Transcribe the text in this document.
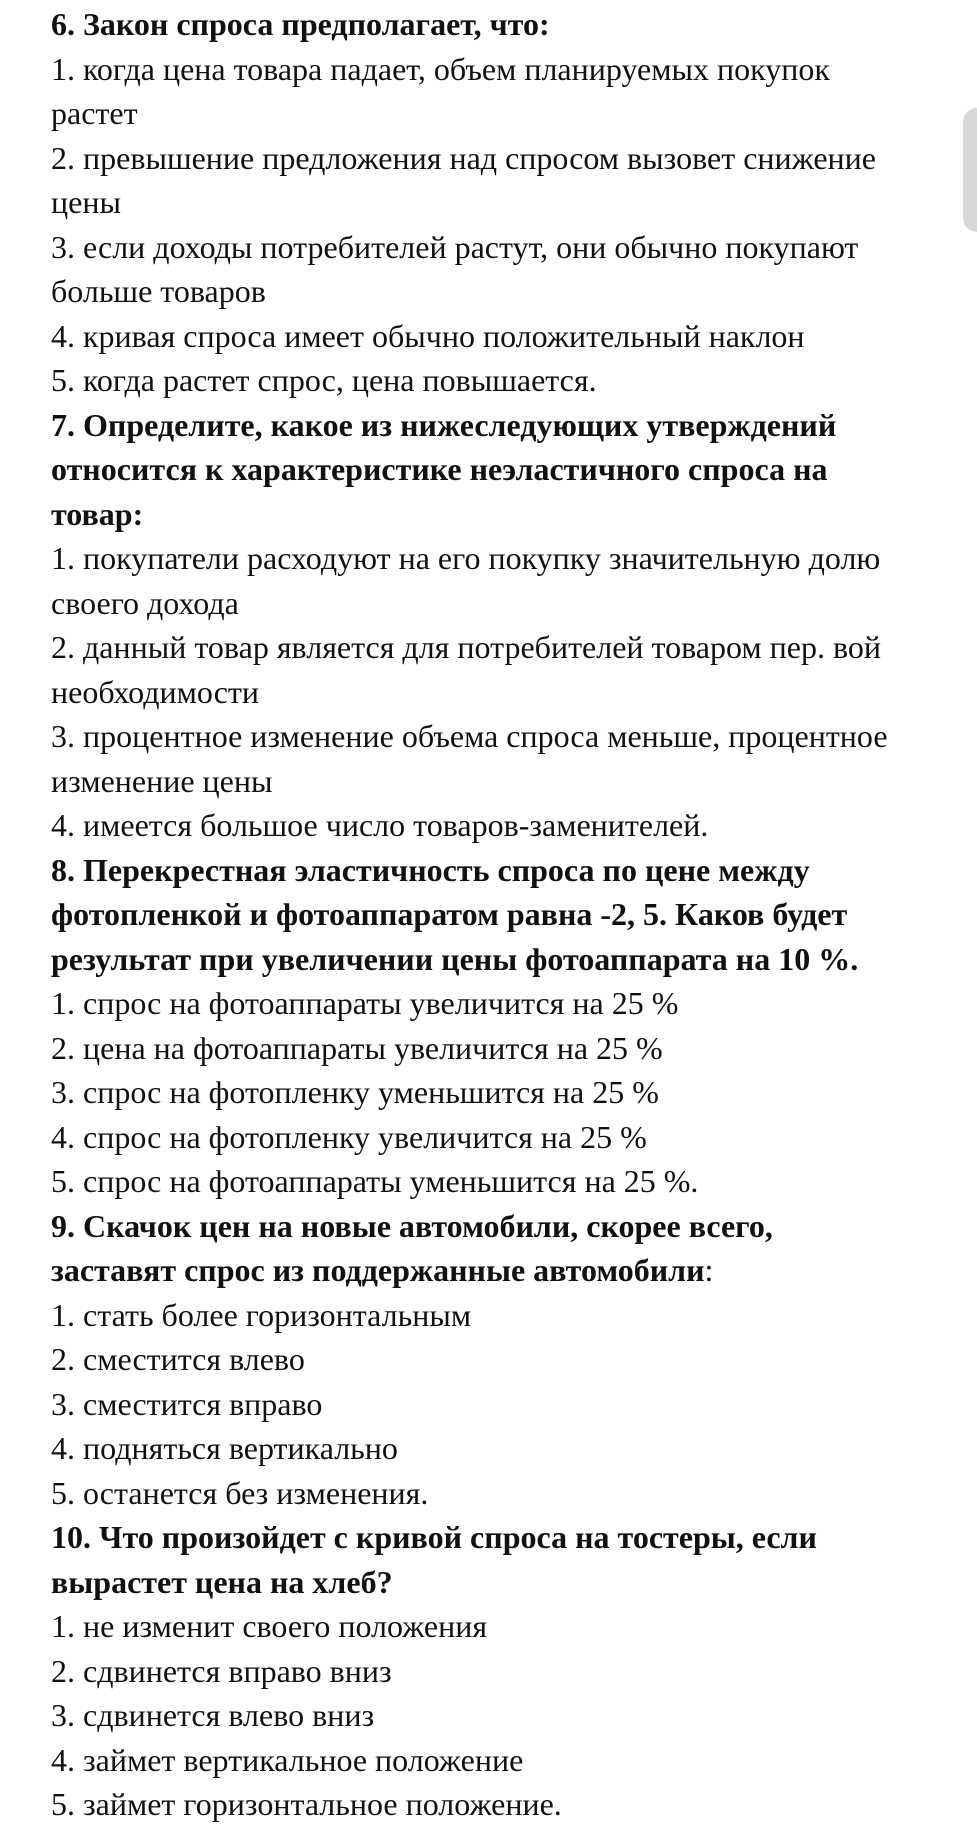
6. Закон спроса предполагает, что:
1. когда цена товара падает, объем планируемых покупок
растет
2. превышение предложения над спросом вызовет снижение
цены
3. если доходы потребителей растут, они обычно покупают
больше товаров
4. кривая спроса имеет обычно положительный наклон
5. когда растет спрос, цена повышается.
7. Определите, какое из нижеследующих утверждений
относится к характеристике неэластичного спроса на
товар:
1. покупатели расходуют на его покупку значительную долю
своего дохода
2. данный товар является для потребителей товаром пер. вой
необходимости
3. процентное изменение объема спроса меньше, процентное
изменение цены
4. имеется большое число товаров-заменителей.
8. Перекрестная эластичность спроса по цене между
фотопленкой и фотоаппаратом равна -2, 5. Каков будет
результат при увеличении цены фотоаппарата на 10 %.
1. спрос на фотоаппараты увеличится на 25 %
2. цена на фотоаппараты увеличится на 25 %
3. спрос на фотопленку уменьшится на 25 %
4. спрос на фотопленку увеличится на 25 %
5. спрос на фотоаппараты уменьшится на 25 %.
9. Скачок цен на новые автомобили, скорее всего,
заставят спрос из поддержанные автомобили:
1. стать более горизонтальным
2. сместится влево
3. сместится вправо
4. подняться вертикально
5. останется без изменения.
10. Что произойдет с кривой спроса на тостеры, если
вырастет цена на хлеб?
1. не изменит своего положения
2. сдвинется вправо вниз
3. сдвинется влево вниз
4. займет вертикальное положение
5. займет горизонтальное положение.
